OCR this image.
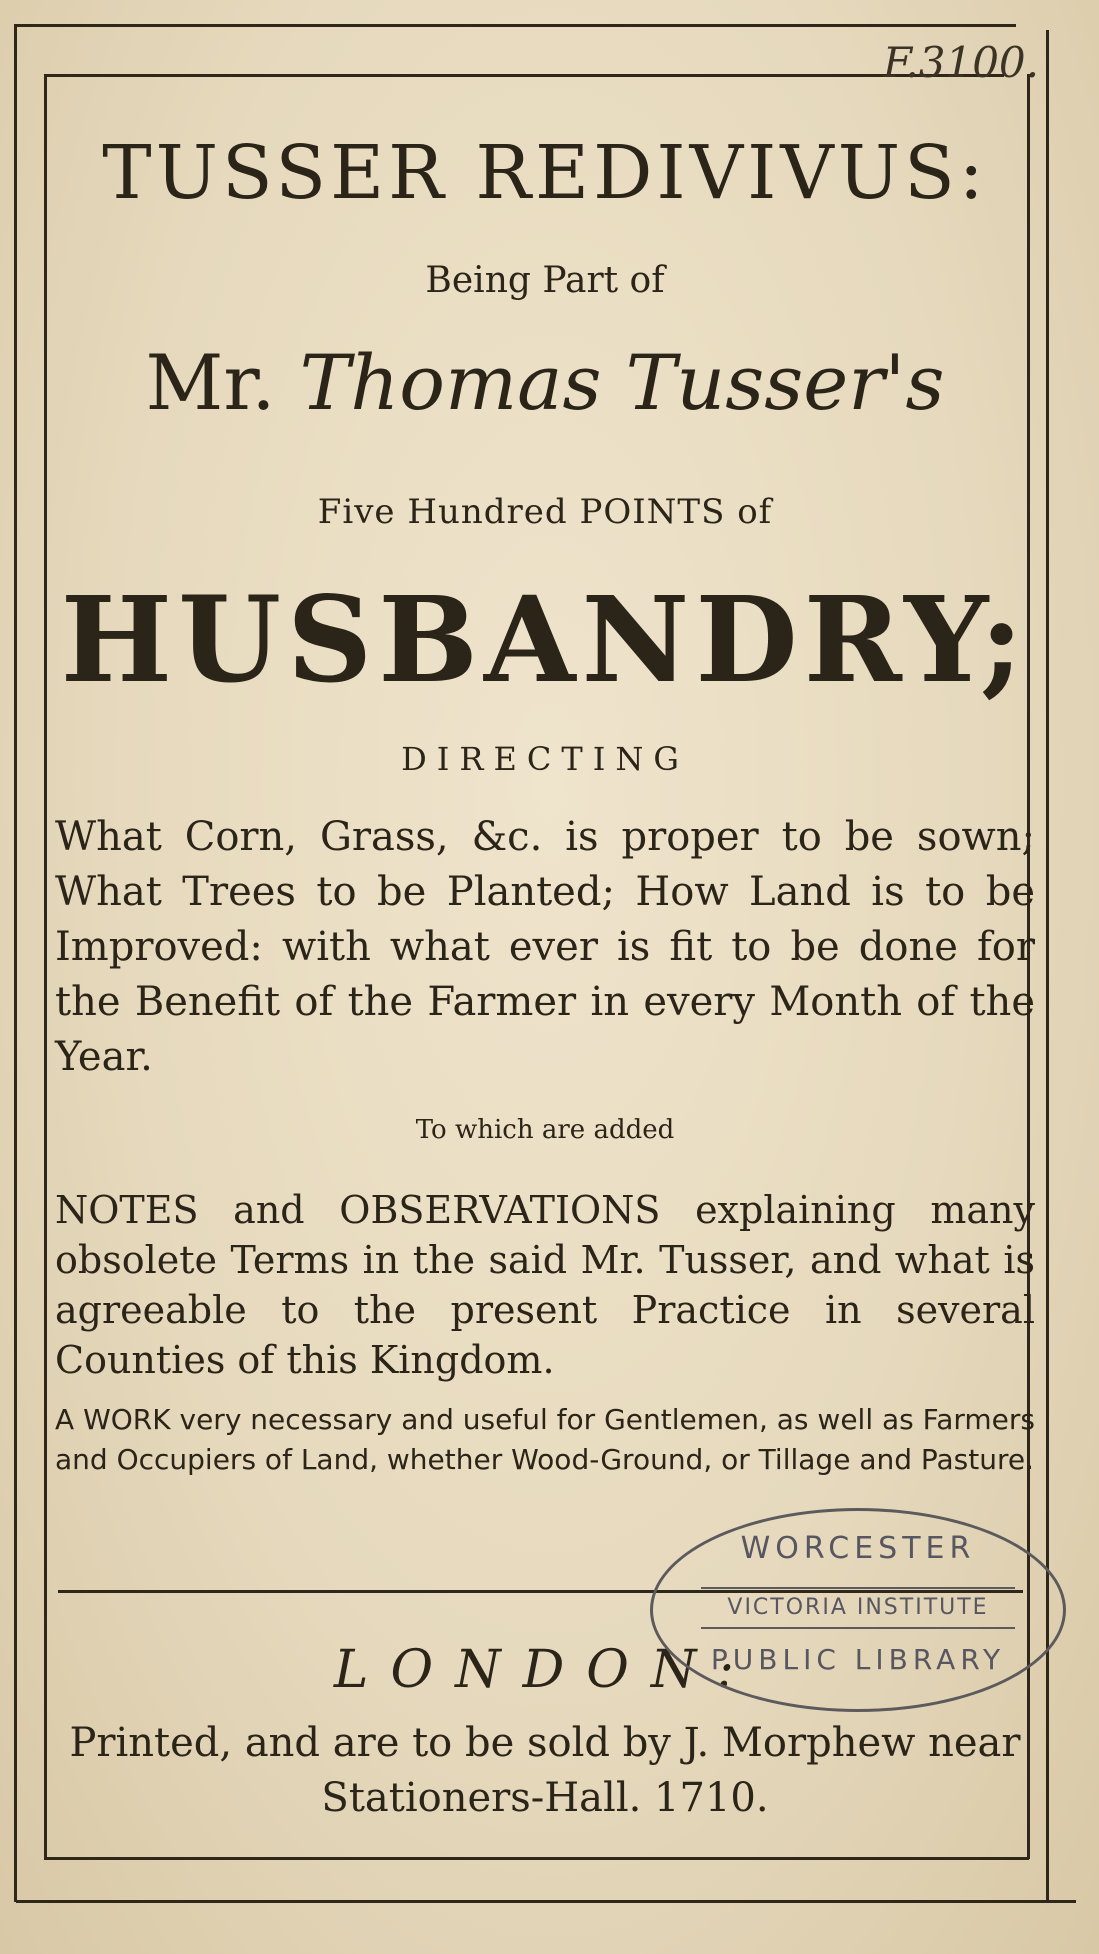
F.3100.
TUSSER REDIVIVUS:
Being Part of
Mr. Thomas Tusser's
Five Hundred POINTS of
HUSBANDRY;
DIRECTING
What Corn, Grass, &c. is proper to be sown; What Trees to be Planted; How Land is to be Improved: with what ever is fit to be done for the Benefit of the Farmer in every Month of the Year.
To which are added
NOTES and OBSERVATIONS explaining many obsolete Terms in the said Mr. Tusser, and what is agreeable to the present Practice in several Counties of this Kingdom.
A WORK very necessary and useful for Gentlemen, as well as Farmers and Occupiers of Land, whether Wood-Ground, or Tillage and Pasture.
LONDON:
Printed, and are to be sold by J. Morphew near
Stationers-Hall. 1710.
WORCESTER
VICTORIA INSTITUTE
PUBLIC LIBRARY
